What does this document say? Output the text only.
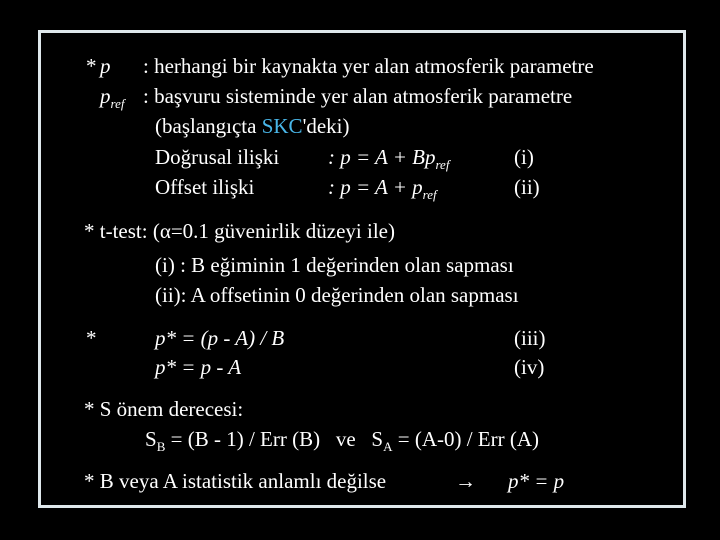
* p : herhangi bir kaynakta yer alan atmosferik parametre
$p_{ref}$ : başvuru sisteminde yer alan atmosferik parametre
(başlangıçta SKC'deki)
Doğrusal ilişki : $p = A + Bp_{ref}$	(i)
Offset ilişki	: $p = A + p_{ref}$	(ii)
* t-test: (α=0.1 güvenirlik düzeyi ile)
(i) : B eğiminin 1 değerinden olan sapması
(ii): A offsetinin 0 değerinden olan sapması
*	p* = (p - A) / B	(iii)
p* = p - A	(iv)
* S önem derecesi:
$S_B = (B - 1)$ / Err (B)   ve   $S_A = (A-0)$ / Err (A)
* B veya A istatistik anlamlı değilse	→ p* = p
